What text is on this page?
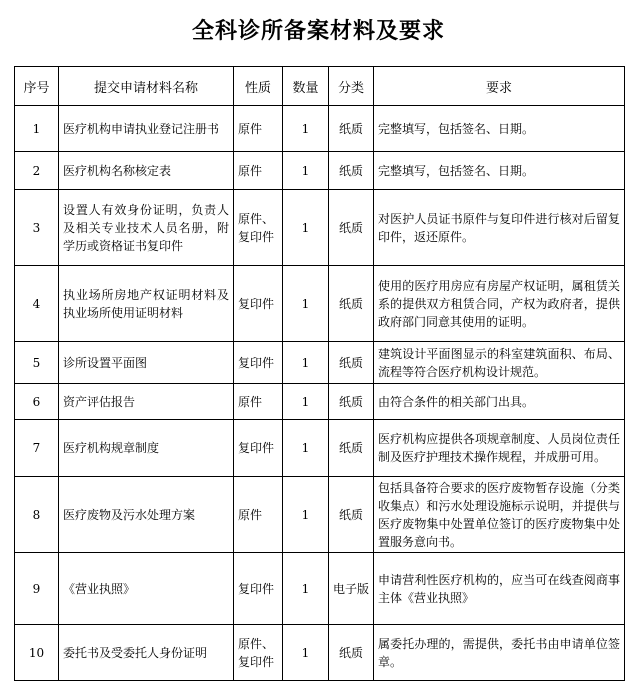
全科诊所备案材料及要求
序号	提交申请材料名称	性质	数量	分类	要求
1	医疗机构申请执业登记注册书	原件	1	纸质	完整填写，包括签名、日期。
2	医疗机构名称核定表	原件	1	纸质	完整填写，包括签名、日期。
3	设置人有效身份证明，负责人及相关专业技术人员名册，附学历或资格证书复印件	原件、复印件	1	纸质	对医护人员证书原件与复印件进行核对后留复印件，返还原件。
4	执业场所房地产权证明材料及执业场所使用证明材料	复印件	1	纸质	使用的医疗用房应有房屋产权证明，属租赁关系的提供双方租赁合同，产权为政府者，提供政府部门同意其使用的证明。
5	诊所设置平面图	复印件	1	纸质	建筑设计平面图显示的科室建筑面积、布局、流程等符合医疗机构设计规范。
6	资产评估报告	原件	1	纸质	由符合条件的相关部门出具。
7	医疗机构规章制度	复印件	1	纸质	医疗机构应提供各项规章制度、人员岗位责任制及医疗护理技术操作规程，并成册可用。
8	医疗废物及污水处理方案	原件	1	纸质	包括具备符合要求的医疗废物暂存设施（分类收集点）和污水处理设施标示说明，并提供与医疗废物集中处置单位签订的医疗废物集中处置服务意向书。
9	《营业执照》	复印件	1	电子版	申请营利性医疗机构的，应当可在线查阅商事主体《营业执照》
10	委托书及受委托人身份证明	原件、复印件	1	纸质	属委托办理的，需提供，委托书由申请单位签章。
